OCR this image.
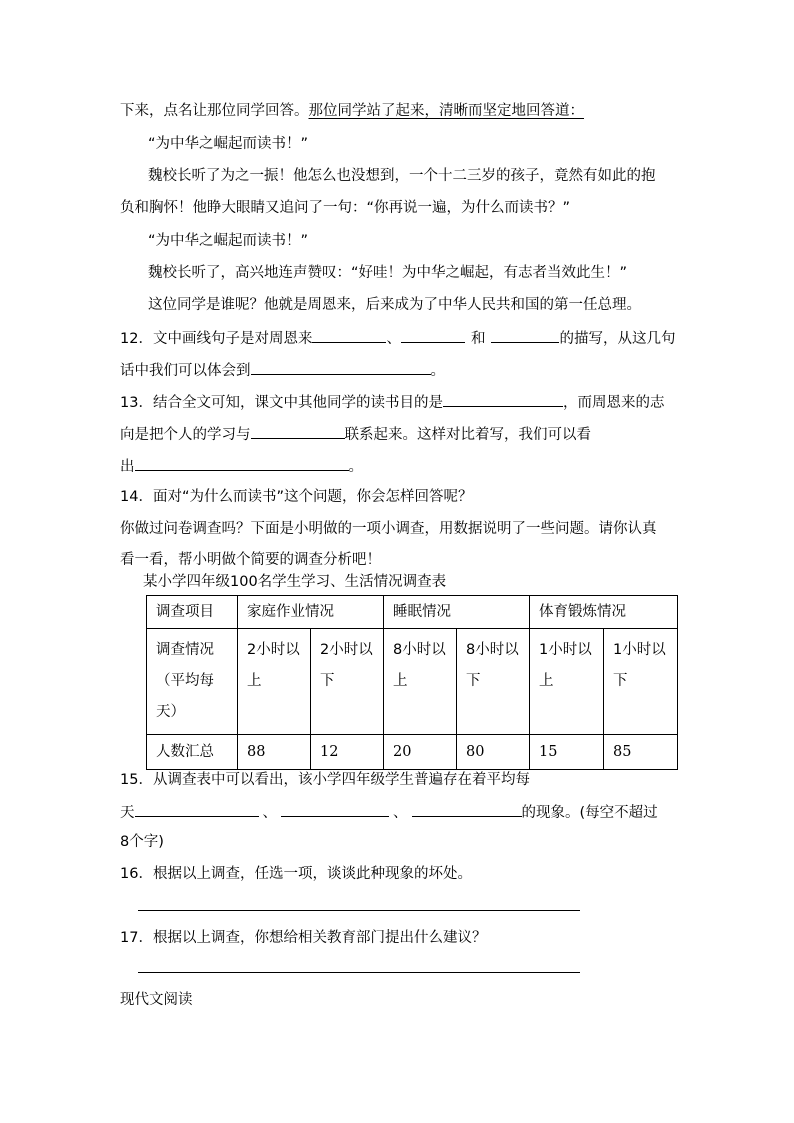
下来，点名让那位同学回答。那位同学站了起来，清晰而坚定地回答道：
“为中华之崛起而读书！”
魏校长听了为之一振！他怎么也没想到，一个十二三岁的孩子，竟然有如此的抱
负和胸怀！他睁大眼睛又追问了一句：“你再说一遍，为什么而读书？”
“为中华之崛起而读书！”
魏校长听了，高兴地连声赞叹：“好哇！为中华之崛起，有志者当效此生！”
这位同学是谁呢？他就是周恩来，后来成为了中华人民共和国的第一任总理。
12．文中画线句子是对周恩来	、	和	的描写，从这几句
话中我们可以体会到	。
13．结合全文可知，课文中其他同学的读书目的是	，而周恩来的志
向是把个人的学习与	联系起来。这样对比着写，我们可以看
出	。
14．面对“为什么而读书”这个问题，你会怎样回答呢？
你做过问卷调查吗？下面是小明做的一项小调查，用数据说明了一些问题。请你认真
看一看，帮小明做个简要的调查分析吧！
某小学四年级100名学生学习、生活情况调查表
调查项目	家庭作业情况		睡眠情况		体育锻炼情况	
调查情况（平均每天）	2小时以上	2小时以下	8小时以上	8小时以下	1小时以上	1小时以下
人数汇总	88	12	20	80	15	85
15．从调查表中可以看出，该小学四年级学生普遍存在着平均每
天	、	、	的现象。(每空不超过
8个字)
16．根据以上调查，任选一项，谈谈此种现象的坏处。
17．根据以上调查，你想给相关教育部门提出什么建议？
现代文阅读
